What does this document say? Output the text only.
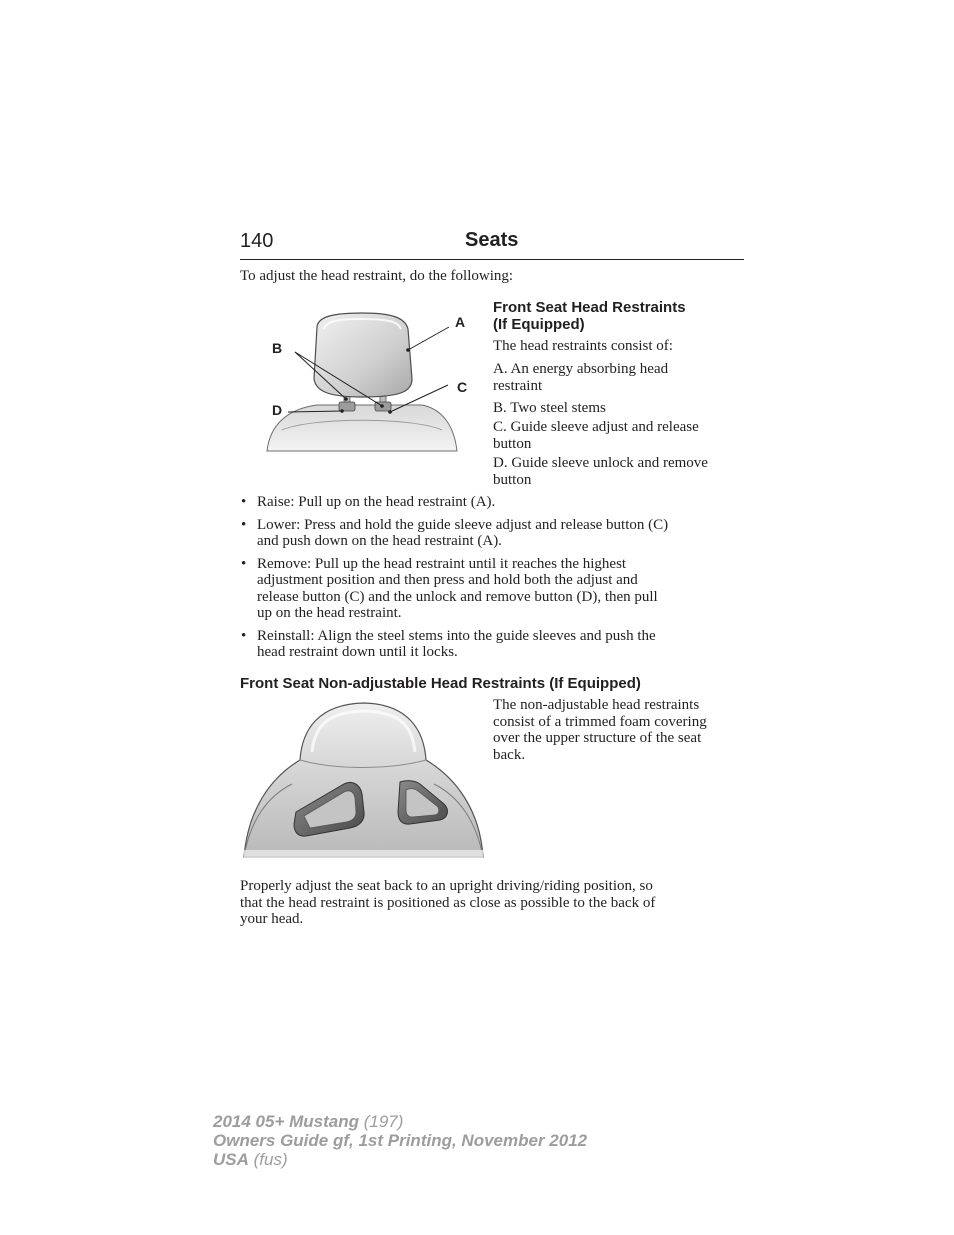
140	Seats
To adjust the head restraint, do the following:
A
B
C
D
Front Seat Head Restraints
(If Equipped)
The head restraints consist of:
A. An energy absorbing head
restraint
B. Two steel stems
C. Guide sleeve adjust and release
button
D. Guide sleeve unlock and remove
button
• Raise: Pull up on the head restraint (A).
• Lower: Press and hold the guide sleeve adjust and release button (C)
and push down on the head restraint (A).
• Remove: Pull up the head restraint until it reaches the highest
adjustment position and then press and hold both the adjust and
release button (C) and the unlock and remove button (D), then pull
up on the head restraint.
• Reinstall: Align the steel stems into the guide sleeves and push the
head restraint down until it locks.
Front Seat Non-adjustable Head Restraints (If Equipped)
The non-adjustable head restraints
consist of a trimmed foam covering
over the upper structure of the seat
back.
Properly adjust the seat back to an upright driving/riding position, so
that the head restraint is positioned as close as possible to the back of
your head.
2014 05+ Mustang (197)
Owners Guide gf, 1st Printing, November 2012
USA (fus)
